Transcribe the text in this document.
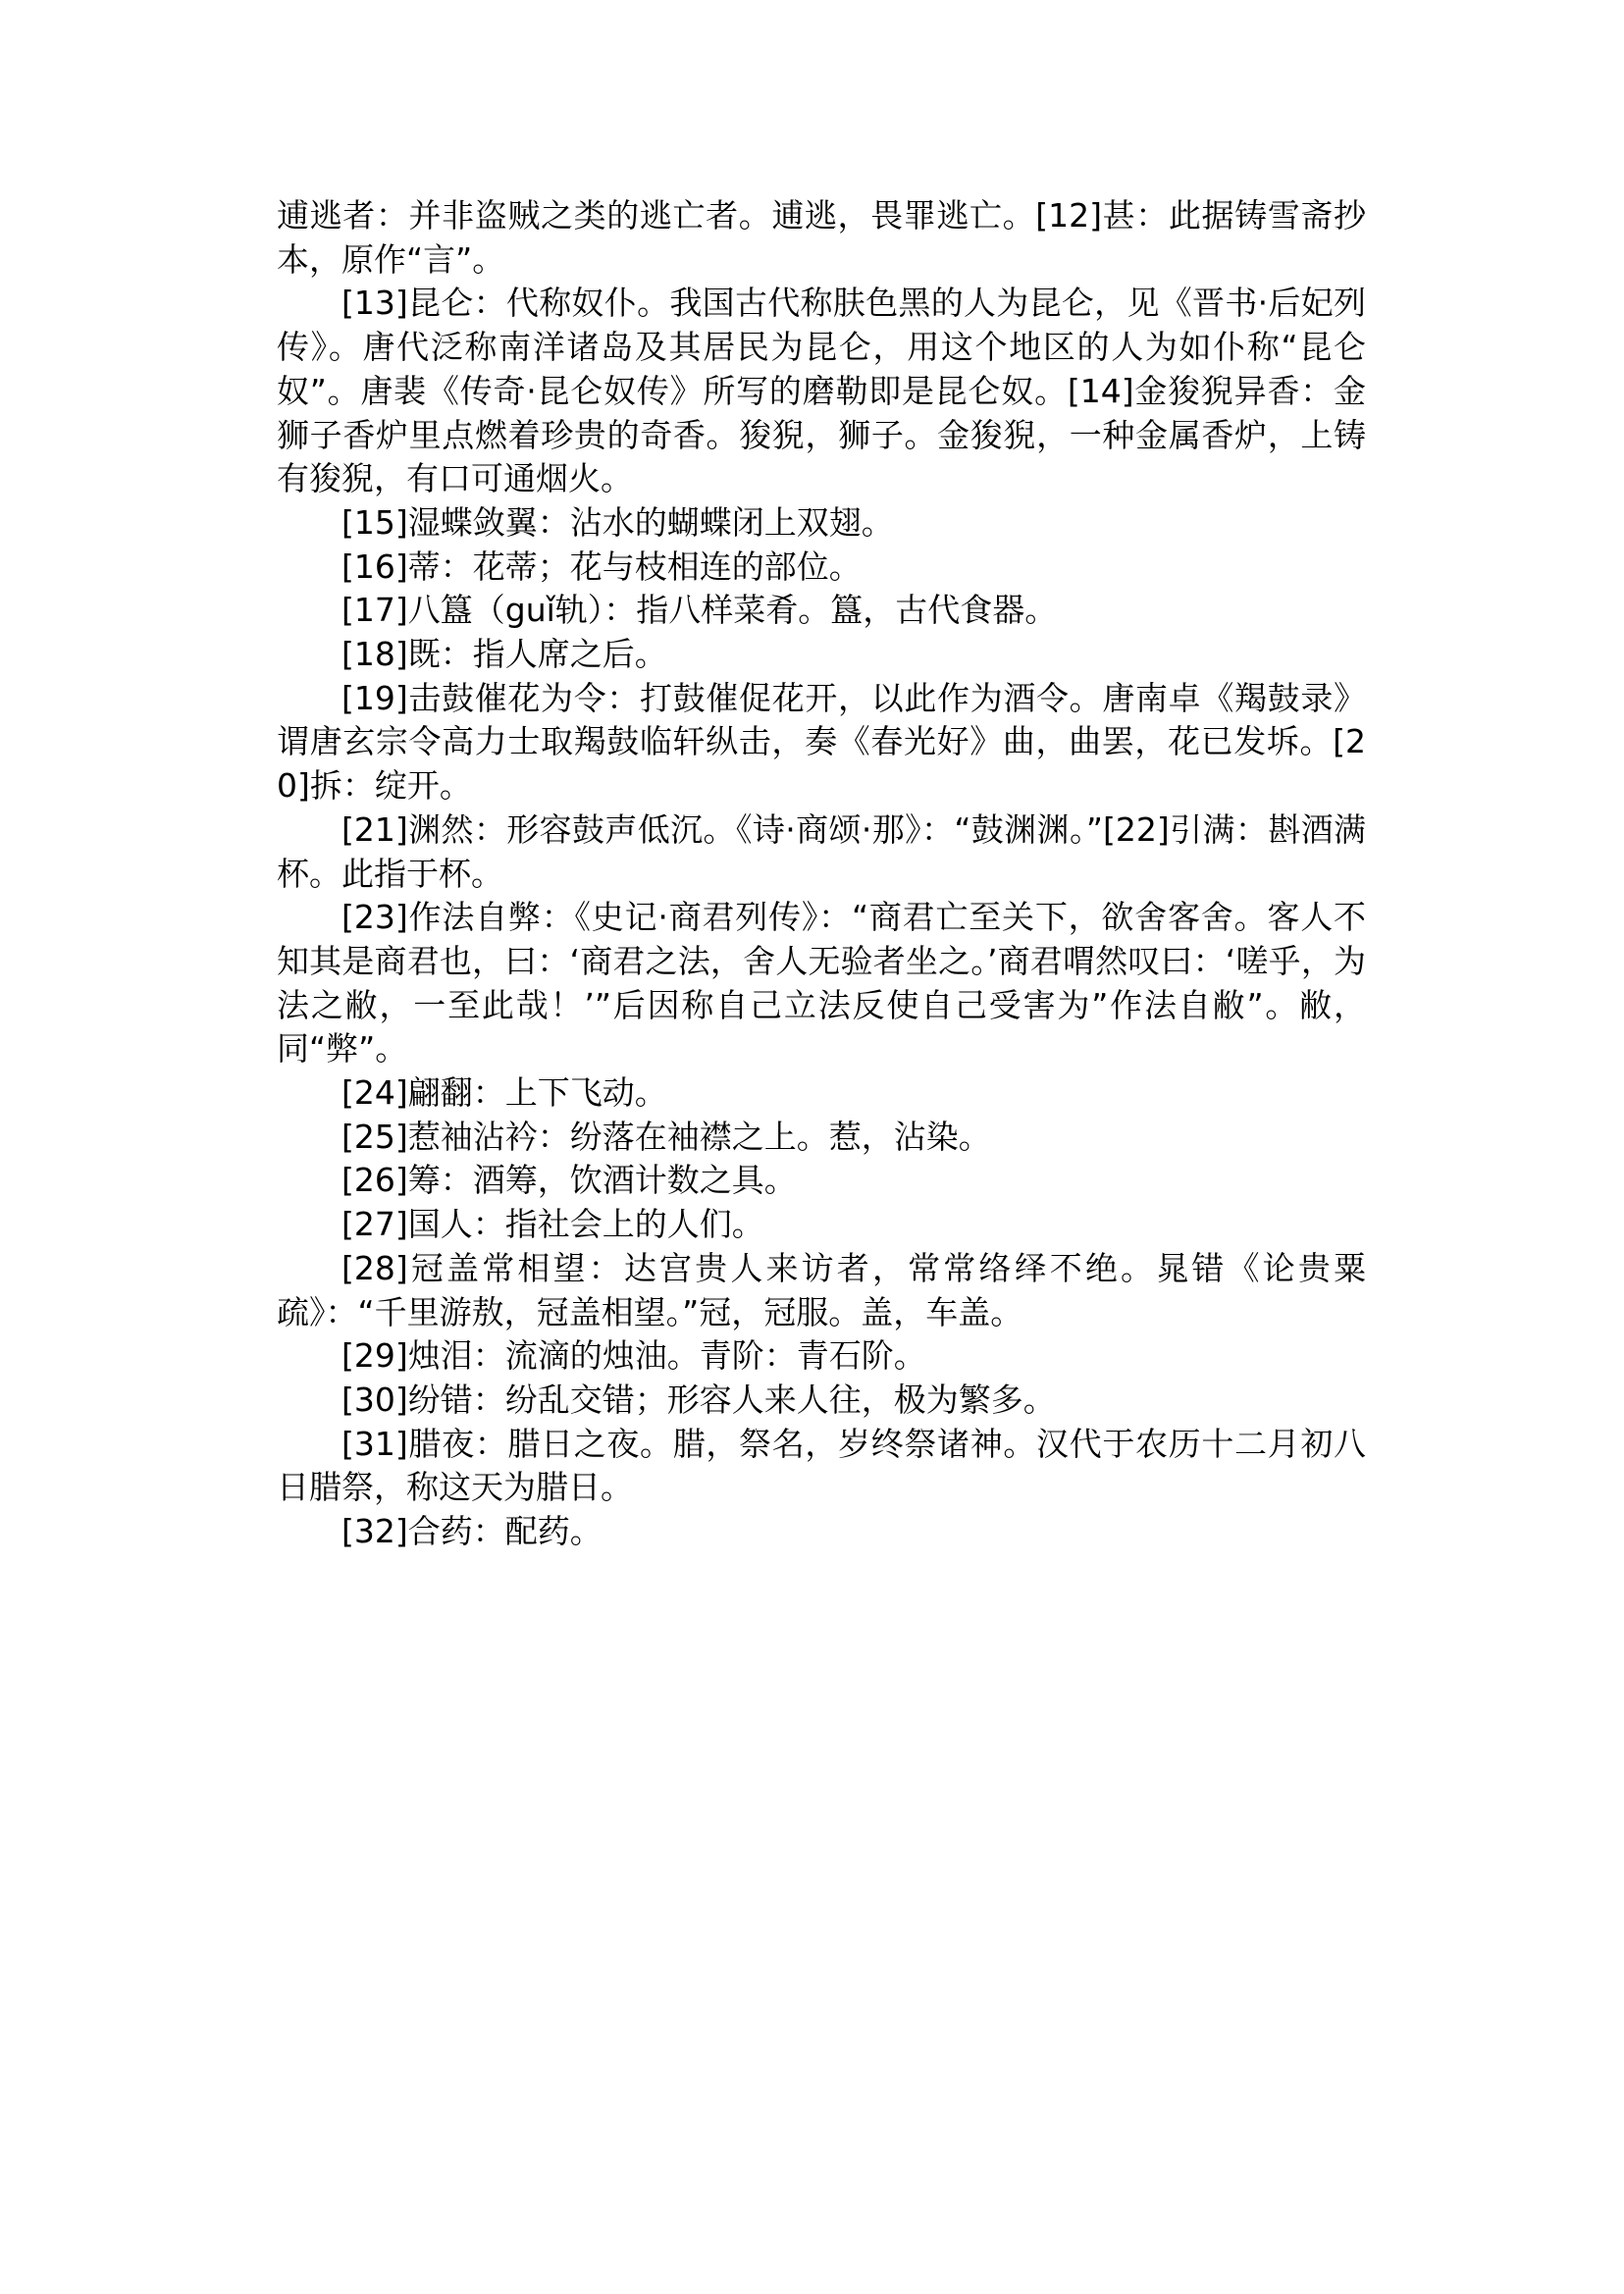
逋逃者：并非盗贼之类的逃亡者。逋逃，畏罪逃亡。[12]甚：此据铸雪斋抄本，原作“言”。

[13]昆仑：代称奴仆。我国古代称肤色黑的人为昆仑，见《晋书·后妃列传》。唐代泛称南洋诸岛及其居民为昆仑，用这个地区的人为如仆称“昆仑奴”。唐裴《传奇·昆仑奴传》所写的磨勒即是昆仑奴。[14]金狻猊异香：金狮子香炉里点燃着珍贵的奇香。狻猊，狮子。金狻猊，一种金属香炉，上铸有狻猊，有口可通烟火。

[15]湿蝶敛翼：沾水的蝴蝶闭上双翅。

[16]蒂：花蒂；花与枝相连的部位。

[17]八簋（guǐ轨）：指八样菜肴。簋，古代食器。

[18]既：指人席之后。

[19]击鼓催花为令：打鼓催促花开，以此作为酒令。唐南卓《羯鼓录》谓唐玄宗令高力士取羯鼓临轩纵击，奏《春光好》曲，曲罢，花已发坼。[20]拆：绽开。

[21]渊然：形容鼓声低沉。《诗·商颂·那》：“鼓渊渊。”[22]引满：斟酒满杯。此指于杯。

[23]作法自弊：《史记·商君列传》：“商君亡至关下，欲舍客舍。客人不知其是商君也，曰：‘商君之法，舍人无验者坐之。’商君喟然叹曰：‘嗟乎，为法之敝，一至此哉！’”后因称自己立法反使自己受害为”作法自敝”。敝，同“弊”。

[24]翩翻：上下飞动。

[25]惹袖沾衿：纷落在袖襟之上。惹，沾染。

[26]筹：酒筹，饮酒计数之具。

[27]国人：指社会上的人们。

[28]冠盖常相望：达宫贵人来访者，常常络绎不绝。晁错《论贵粟疏》：“千里游敖，冠盖相望。”冠，冠服。盖，车盖。

[29]烛泪：流滴的烛油。青阶：青石阶。

[30]纷错：纷乱交错；形容人来人往，极为繁多。

[31]腊夜：腊日之夜。腊，祭名，岁终祭诸神。汉代于农历十二月初八日腊祭，称这天为腊日。

[32]合药：配药。
